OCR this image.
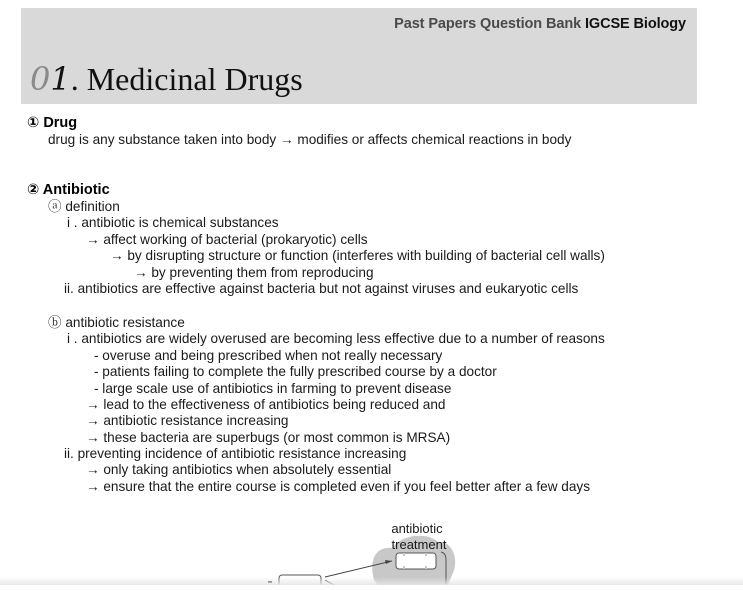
Past Papers Question Bank IGCSE Biology
01. Medicinal Drugs
① Drug
drug is any substance taken into body → modifies or affects chemical reactions in body
② Antibiotic
ⓐ definition
i . antibiotic is chemical substances
→ affect working of bacterial (prokaryotic) cells
→ by disrupting structure or function (interferes with building of bacterial cell walls)
→ by preventing them from reproducing
ii. antibiotics are effective against bacteria but not against viruses and eukaryotic cells
ⓑ antibiotic resistance
i . antibiotics are widely overused are becoming less effective due to a number of reasons
- overuse and being prescribed when not really necessary
- patients failing to complete the fully prescribed course by a doctor
- large scale use of antibiotics in farming to prevent disease
→ lead to the effectiveness of antibiotics being reduced and
→ antibiotic resistance increasing
→ these bacteria are superbugs (or most common is MRSA)
ii. preventing incidence of antibiotic resistance increasing
→ only taking antibiotics when absolutely essential
→ ensure that the entire course is completed even if you feel better after a few days
antibiotic
treatment
